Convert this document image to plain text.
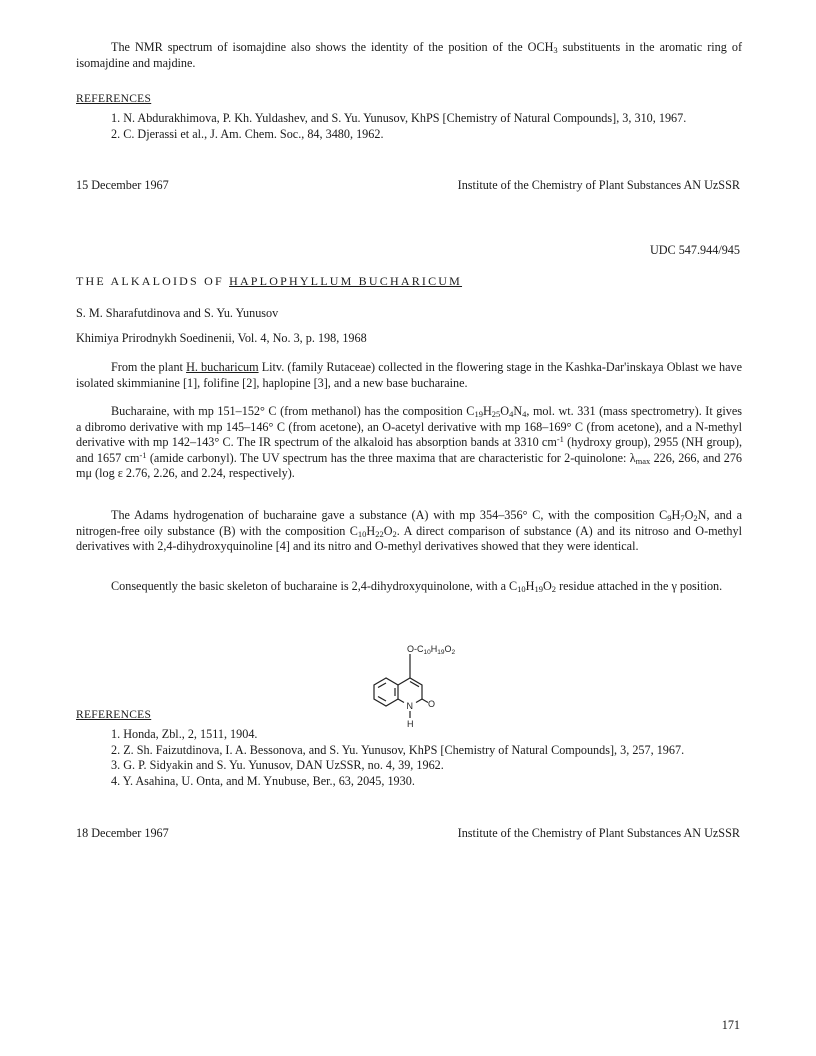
The NMR spectrum of isomajdine also shows the identity of the position of the $OCH_3$ substituents in the aromatic ring of isomajdine and majdine.

REFERENCES

1. N. Abdurakhimova, P. Kh. Yuldashev, and S. Yu. Yunusov, KhPS [Chemistry of Natural Compounds], 3, 310, 1967.

2. C. Djerassi et al., J. Am. Chem. Soc., 84, 3480, 1962.

15 December 1967	Institute of the Chemistry of Plant Substances AN UzSSR
UDC 547.944/945
THE ALKALOIDS OF HAPLOPHYLLUM BUCHARICUM
S. M. Sharafutdinova and S. Yu. Yunusov
Khimiya Prirodnykh Soedinenii, Vol. 4, No. 3, p. 198, 1968

From the plant H. bucharicum Litv. (family Rutaceae) collected in the flowering stage in the Kashka-Dar'inskaya Oblast we have isolated skimmianine [1], folifine [2], haplopine [3], and a new base bucharaine.

Bucharaine, with mp 151–152° C (from methanol) has the composition $C_{19}H_{25}O_4N_4$, mol. wt. 331 (mass spectrometry). It gives a dibromo derivative with mp 145–146° C (from acetone), an O-acetyl derivative with mp 168–169° C (from acetone), and a N-methyl derivative with mp 142–143° C. The IR spectrum of the alkaloid has absorption bands at 3310 $cm^{-1}$ (hydroxy group), 2955 (NH group), and 1657 $cm^{-1}$ (amide carbonyl). The UV spectrum has the three maxima that are characteristic for 2-quinolone: $\lambda_{max}$ 226, 266, and 276 mμ (log ε 2.76, 2.26, and 2.24, respectively).

The Adams hydrogenation of bucharaine gave a substance (A) with mp 354–356° C, with the composition $C_9H_7O_2N$, and a nitrogen-free oily substance (B) with the composition $C_{10}H_{22}O_2$. A direct comparison of substance (A) and its nitroso and O-methyl derivatives with 2,4-dihydroxyquinoline [4] and its nitro and O-methyl derivatives showed that they were identical.

Consequently the basic skeleton of bucharaine is 2,4-dihydroxyquinolone, with a $C_{10}H_{19}O_2$ residue attached in the γ position.

$O-C_{10}H_{19}O_2$
O
N
H
REFERENCES

1. Honda, Zbl., 2, 1511, 1904.

2. Z. Sh. Faizutdinova, I. A. Bessonova, and S. Yu. Yunusov, KhPS [Chemistry of Natural Compounds], 3, 257, 1967.

3. G. P. Sidyakin and S. Yu. Yunusov, DAN UzSSR, no. 4, 39, 1962.

4. Y. Asahina, U. Onta, and M. Ynubuse, Ber., 63, 2045, 1930.

18 December 1967	Institute of the Chemistry of Plant Substances AN UzSSR
171
